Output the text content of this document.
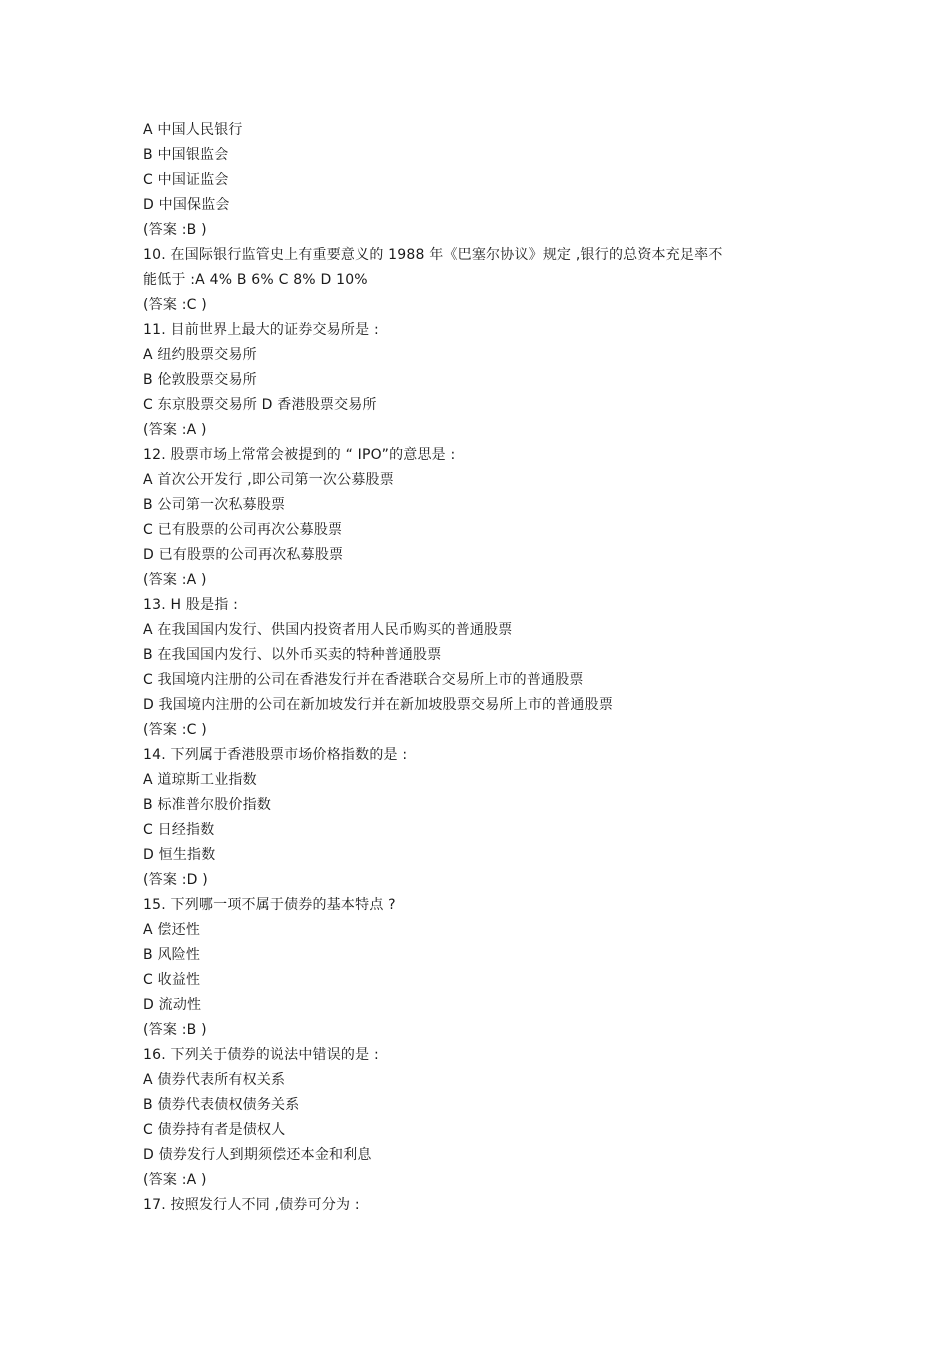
A 中国人民银行
B 中国银监会
C 中国证监会
D 中国保监会
(答案 :B )
10. 在国际银行监管史上有重要意义的 1988 年《巴塞尔协议》规定 ,银行的总资本充足率不
能低于 :A 4% B 6% C 8% D 10%
(答案 :C )
11. 目前世界上最大的证券交易所是 :
A 纽约股票交易所
B 伦敦股票交易所
C 东京股票交易所 D 香港股票交易所
(答案 :A )
12. 股票市场上常常会被提到的 “ IPO”的意思是 :
A 首次公开发行 ,即公司第一次公募股票
B 公司第一次私募股票
C 已有股票的公司再次公募股票
D 已有股票的公司再次私募股票
(答案 :A )
13. H 股是指 :
A 在我国国内发行、供国内投资者用人民币购买的普通股票
B 在我国国内发行、以外币买卖的特种普通股票
C 我国境内注册的公司在香港发行并在香港联合交易所上市的普通股票
D 我国境内注册的公司在新加坡发行并在新加坡股票交易所上市的普通股票
(答案 :C )
14. 下列属于香港股票市场价格指数的是 :
A 道琼斯工业指数
B 标准普尔股价指数
C 日经指数
D 恒生指数
(答案 :D )
15. 下列哪一项不属于债券的基本特点 ?
A 偿还性
B 风险性
C 收益性
D 流动性
(答案 :B )
16. 下列关于债券的说法中错误的是 :
A 债券代表所有权关系
B 债券代表债权债务关系
C 债券持有者是债权人
D 债券发行人到期须偿还本金和利息
(答案 :A )
17. 按照发行人不同 ,债券可分为 :
